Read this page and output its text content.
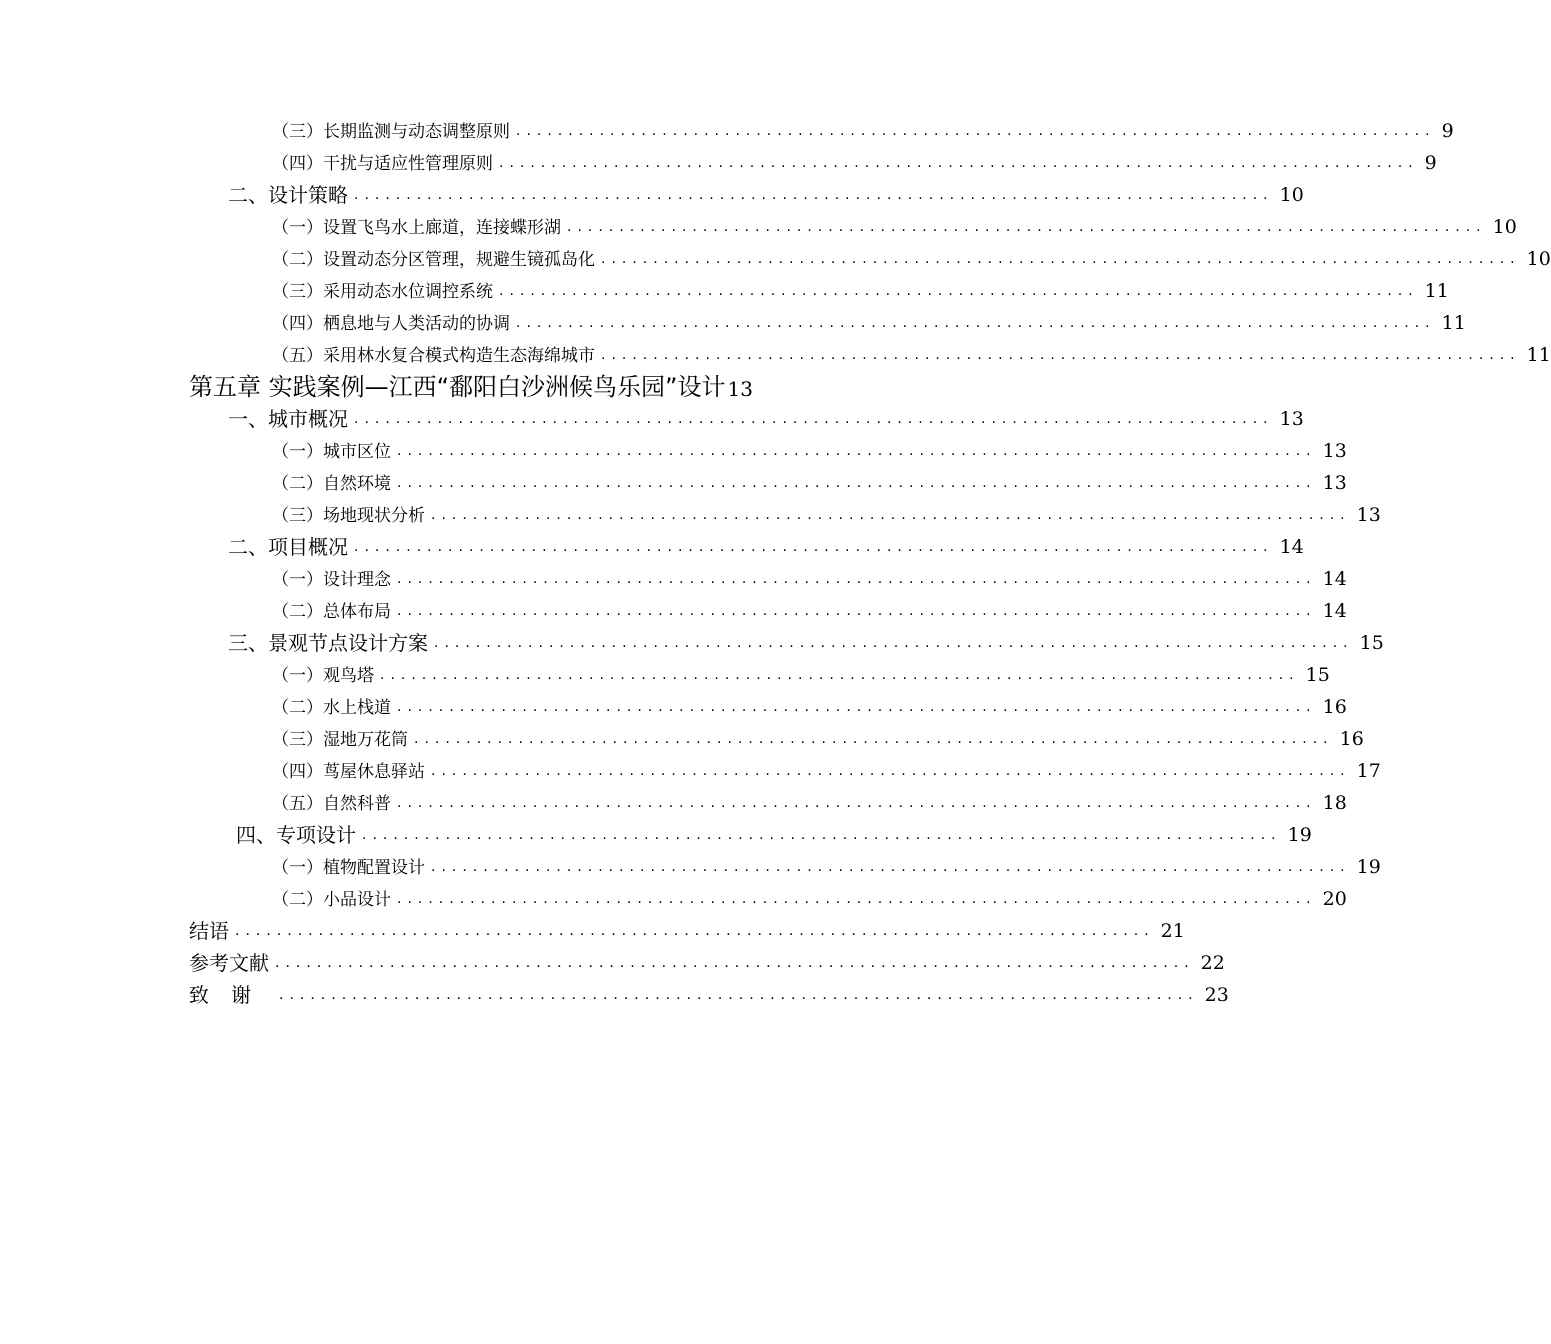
（三）长期监测与动态调整原则 ........................................................................................ 9
（四）干扰与适应性管理原则 ........................................................................................ 9
二、设计策略 ........................................................................................ 10
（一）设置飞鸟水上廊道，连接蝶形湖 ........................................................................................ 10
（二）设置动态分区管理，规避生镜孤岛化 ........................................................................................ 10
（三）采用动态水位调控系统 ........................................................................................ 11
（四）栖息地与人类活动的协调 ........................................................................................ 11
（五）采用林水复合模式构造生态海绵城市 ........................................................................................ 11
第五章 实践案例—江西“鄱阳白沙洲候鸟乐园”设计 13
一、城市概况 ........................................................................................ 13
（一）城市区位 ........................................................................................ 13
（二）自然环境 ........................................................................................ 13
（三）场地现状分析 ........................................................................................ 13
二、项目概况 ........................................................................................ 14
（一）设计理念 ........................................................................................ 14
（二）总体布局 ........................................................................................ 14
三、景观节点设计方案 ........................................................................................ 15
（一）观鸟塔 ........................................................................................ 15
（二）水上栈道 ........................................................................................ 16
（三）湿地万花筒 ........................................................................................ 16
（四）茑屋休息驿站 ........................................................................................ 17
（五）自然科普 ........................................................................................ 18
四、专项设计 ........................................................................................ 19
（一）植物配置设计 ........................................................................................ 19
（二）小品设计 ........................................................................................ 20
结语 ........................................................................................ 21
参考文献 ........................................................................................ 22
致谢 ........................................................................................ 23
